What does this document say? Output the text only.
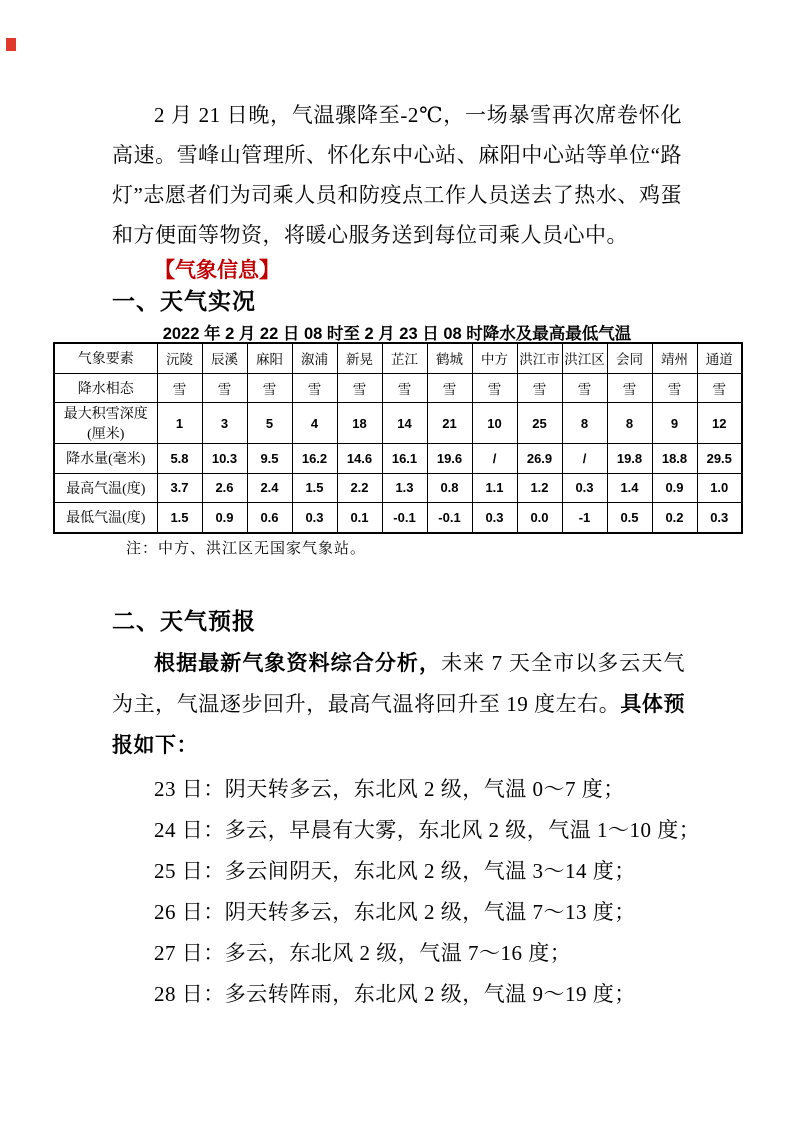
2 月 21 日晚，气温骤降至-2℃，一场暴雪再次席卷怀化高速。雪峰山管理所、怀化东中心站、麻阳中心站等单位“路灯”志愿者们为司乘人员和防疫点工作人员送去了热水、鸡蛋和方便面等物资，将暖心服务送到每位司乘人员心中。
【气象信息】
一、天气实况
2022 年 2 月 22 日 08 时至 2 月 23 日 08 时降水及最高最低气温
气象要素	沅陵	辰溪	麻阳	溆浦	新晃	芷江	鹤城	中方	洪江市	洪江区	会同	靖州	通道
降水相态	雪	雪	雪	雪	雪	雪	雪	雪	雪	雪	雪	雪	雪
最大积雪深度(厘米)	1	3	5	4	18	14	21	10	25	8	8	9	12
降水量(毫米)	5.8	10.3	9.5	16.2	14.6	16.1	19.6	/	26.9	/	19.8	18.8	29.5
最高气温(度)	3.7	2.6	2.4	1.5	2.2	1.3	0.8	1.1	1.2	0.3	1.4	0.9	1.0
最低气温(度)	1.5	0.9	0.6	0.3	0.1	-0.1	-0.1	0.3	0.0	-1	0.5	0.2	0.3
注：中方、洪江区无国家气象站。
二、天气预报
根据最新气象资料综合分析，未来 7 天全市以多云天气为主，气温逐步回升，最高气温将回升至 19 度左右。具体预报如下：
23 日：阴天转多云，东北风 2 级，气温 0～7 度；
24 日：多云，早晨有大雾，东北风 2 级，气温 1～10 度；
25 日：多云间阴天，东北风 2 级，气温 3～14 度；
26 日：阴天转多云，东北风 2 级，气温 7～13 度；
27 日：多云，东北风 2 级，气温 7～16 度；
28 日：多云转阵雨，东北风 2 级，气温 9～19 度；
